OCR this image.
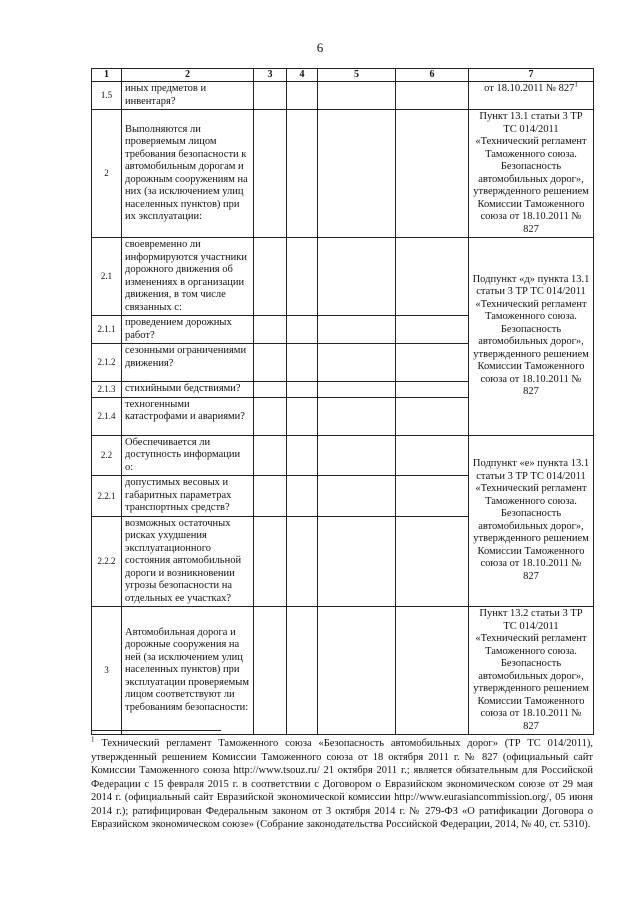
6
1	2	3	4	5	6	7
1.5	иных предметов и инвентаря?					от 18.10.2011 № $827^1$
2	Выполняются ли проверяемым лицом требования безопасности к автомобильным дорогам и дорожным сооружениям на них (за исключением улиц населенных пунктов) при их эксплуатации:					Пункт 13.1 статьи 3 ТР ТС 014/2011 «Технический регламент Таможенного союза. Безопасность автомобильных дорог», утвержденного решением Комиссии Таможенного союза от 18.10.2011 № 827
2.1	своевременно ли информируются участники дорожного движения об изменениях в организации движения, в том числе связанных с:					Подпункт «д» пункта 13.1 статьи 3 ТР ТС 014/2011 «Технический регламент Таможенного союза. Безопасность автомобильных дорог», утвержденного решением Комиссии Таможенного союза от 18.10.2011 № 827
2.1.1	проведением дорожных работ?					
2.1.2	сезонными ограничениями движения?					
2.1.3	стихийными бедствиями?					
2.1.4	техногенными катастрофами и авариями?					
2.2	Обеспечивается ли доступность информации о:					Подпункт «е» пункта 13.1 статьи 3 ТР ТС 014/2011 «Технический регламент Таможенного союза. Безопасность автомобильных дорог», утвержденного решением Комиссии Таможенного союза от 18.10.2011 № 827
2.2.1	допустимых весовых и габаритных параметрах транспортных средств?					
2.2.2	возможных остаточных рисках ухудшения эксплуатационного состояния автомобильной дороги и возникновении угрозы безопасности на отдельных ее участках?					
3	Автомобильная дорога и дорожные сооружения на ней (за исключением улиц населенных пунктов) при эксплуатации проверяемым лицом соответствуют ли требованиям безопасности:					Пункт 13.2 статьи 3 ТР ТС 014/2011 «Технический регламент Таможенного союза. Безопасность автомобильных дорог», утвержденного решением Комиссии Таможенного союза от 18.10.2011 № 827
$^1$ Технический регламент Таможенного союза «Безопасность автомобильных дорог» (ТР ТС 014/2011), утвержденный решением Комиссии Таможенного союза от 18 октября 2011 г. № 827 (официальный сайт Комиссии Таможенного союза http://www.tsouz.ru/ 21 октября 2011 г.; является обязательным для Российской Федерации с 15 февраля 2015 г. в соответствии с Договором о Евразийском экономическом союзе от 29 мая 2014 г. (официальный сайт Евразийской экономической комиссии http://www.eurasiancommission.org/, 05 июня 2014 г.); ратифицирован Федеральным законом от 3 октября 2014 г. № 279-ФЗ «О ратификации Договора о Евразийском экономическом союзе» (Собрание законодательства Российской Федерации, 2014, № 40, ст. 5310).
